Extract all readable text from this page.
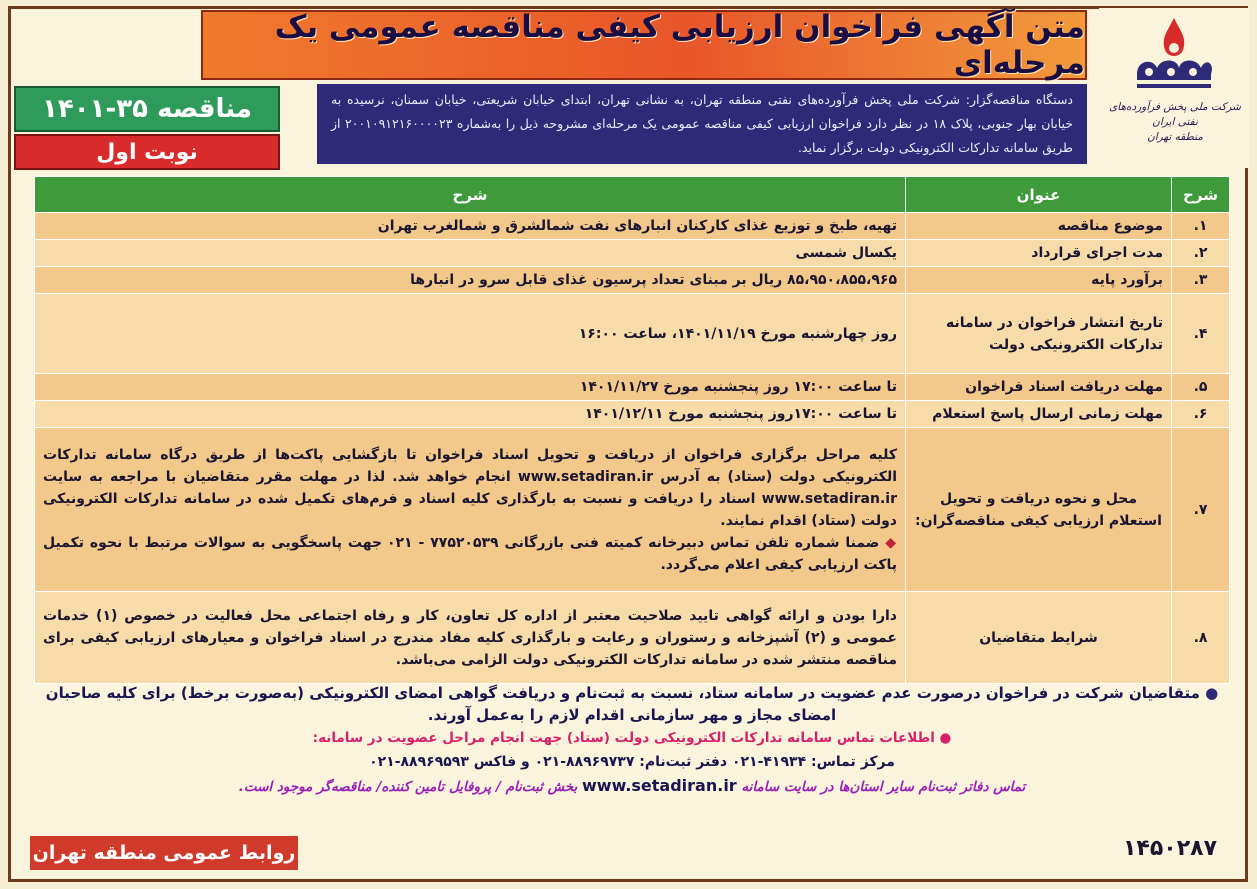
شرکت ملی پخش فرآورده‌های نفتی ایران
منطقه تهران
متن آگهی فراخوان ارزیابی کیفی مناقصه عمومی یک مرحله‌ای
دستگاه مناقصه‌گزار: شرکت ملی پخش فرآورده‌های نفتی منطقه تهران، به نشانی تهران، ابتدای خیابان شریعتی، خیابان سمنان، نرسیده به خیابان بهار جنوبی، پلاک ۱۸ در نظر دارد فراخوان ارزیابی کیفی مناقصه عمومی یک مرحله‌ای مشروحه ذیل را به‌شماره ۲۰۰۱۰۹۱۲۱۶۰۰۰۰۲۳ از طریق سامانه تدارکات الکترونیکی دولت برگزار نماید.
مناقصه ۳۵-۱۴۰۱
نوبت اول
شرح	عنوان	شرح
۱.	موضوع مناقصه	تهیه، طبخ و توزیع غذای کارکنان انبارهای نفت شمالشرق و شمالغرب تهران
۲.	مدت اجرای قرارداد	یکسال شمسی
۳.	برآورد پایه	۸۵،۹۵۰،۸۵۵،۹۶۵ ریال بر مبنای تعداد پرسیون غذای قابل سرو در انبارها
۴.	تاریخ انتشار فراخوان در سامانه تدارکات الکترونیکی دولت	روز چهارشنبه مورخ ۱۴۰۱/۱۱/۱۹، ساعت ۱۶:۰۰
۵.	مهلت دریافت اسناد فراخوان	تا ساعت ۱۷:۰۰ روز پنجشنبه مورخ ۱۴۰۱/۱۱/۲۷
۶.	مهلت زمانی ارسال پاسخ استعلام	تا ساعت ۱۷:۰۰روز پنجشنبه مورخ ۱۴۰۱/۱۲/۱۱
۷.	محل و نحوه دریافت و تحویل استعلام ارزیابی کیفی مناقصه‌گران:	کلیه مراحل برگزاری فراخوان از دریافت و تحویل اسناد فراخوان تا بازگشایی پاکت‌ها از طریق درگاه سامانه تدارکات الکترونیکی دولت (ستاد) به آدرس www.setadiran.ir انجام خواهد شد. لذا در مهلت مقرر متقاضیان با مراجعه به سایت www.setadiran.ir اسناد را دریافت و نسبت به بارگذاری کلیه اسناد و فرم‌های تکمیل شده در سامانه تدارکات الکترونیکی دولت (ستاد) اقدام نمایند.
◆ ضمنا شماره تلفن تماس دبیرخانه کمیته فنی بازرگانی ۷۷۵۲۰۵۳۹ - ۰۲۱ جهت پاسخگویی به سوالات مرتبط با نحوه تکمیل پاکت ارزیابی کیفی اعلام می‌گردد.

۸.	شرایط متقاضیان	دارا بودن و ارائه گواهی تایید صلاحیت معتبر از اداره کل تعاون، کار و رفاه اجتماعی محل فعالیت در خصوص (۱) خدمات عمومی و (۲) آشپزخانه و رستوران و رعایت و بارگذاری کلیه مفاد مندرج در اسناد فراخوان و معیارهای ارزیابی کیفی برای مناقصه منتشر شده در سامانه تدارکات الکترونیکی دولت الزامی می‌باشد.
● متقاضیان شرکت در فراخوان درصورت عدم عضویت در سامانه ستاد، نسبت به ثبت‌نام و دریافت گواهی امضای الکترونیکی (به‌صورت برخط) برای کلیه صاحبان امضای مجاز و مهر سازمانی اقدام لازم را به‌عمل آورند.
● اطلاعات تماس سامانه تدارکات الکترونیکی دولت (ستاد) جهت انجام مراحل عضویت در سامانه:
مرکز تماس: ۴۱۹۳۴-۰۲۱ دفتر ثبت‌نام: ۸۸۹۶۹۷۳۷-۰۲۱ و فاکس ۸۸۹۶۹۵۹۳-۰۲۱
تماس دفاتر ثبت‌نام سایر استان‌ها در سایت سامانه www.setadiran.ir بخش ثبت‌نام / پروفایل تامین کننده/ مناقصه‌گر موجود است.
روابط عمومی منطقه تهران	۱۴۵۰۲۸۷
